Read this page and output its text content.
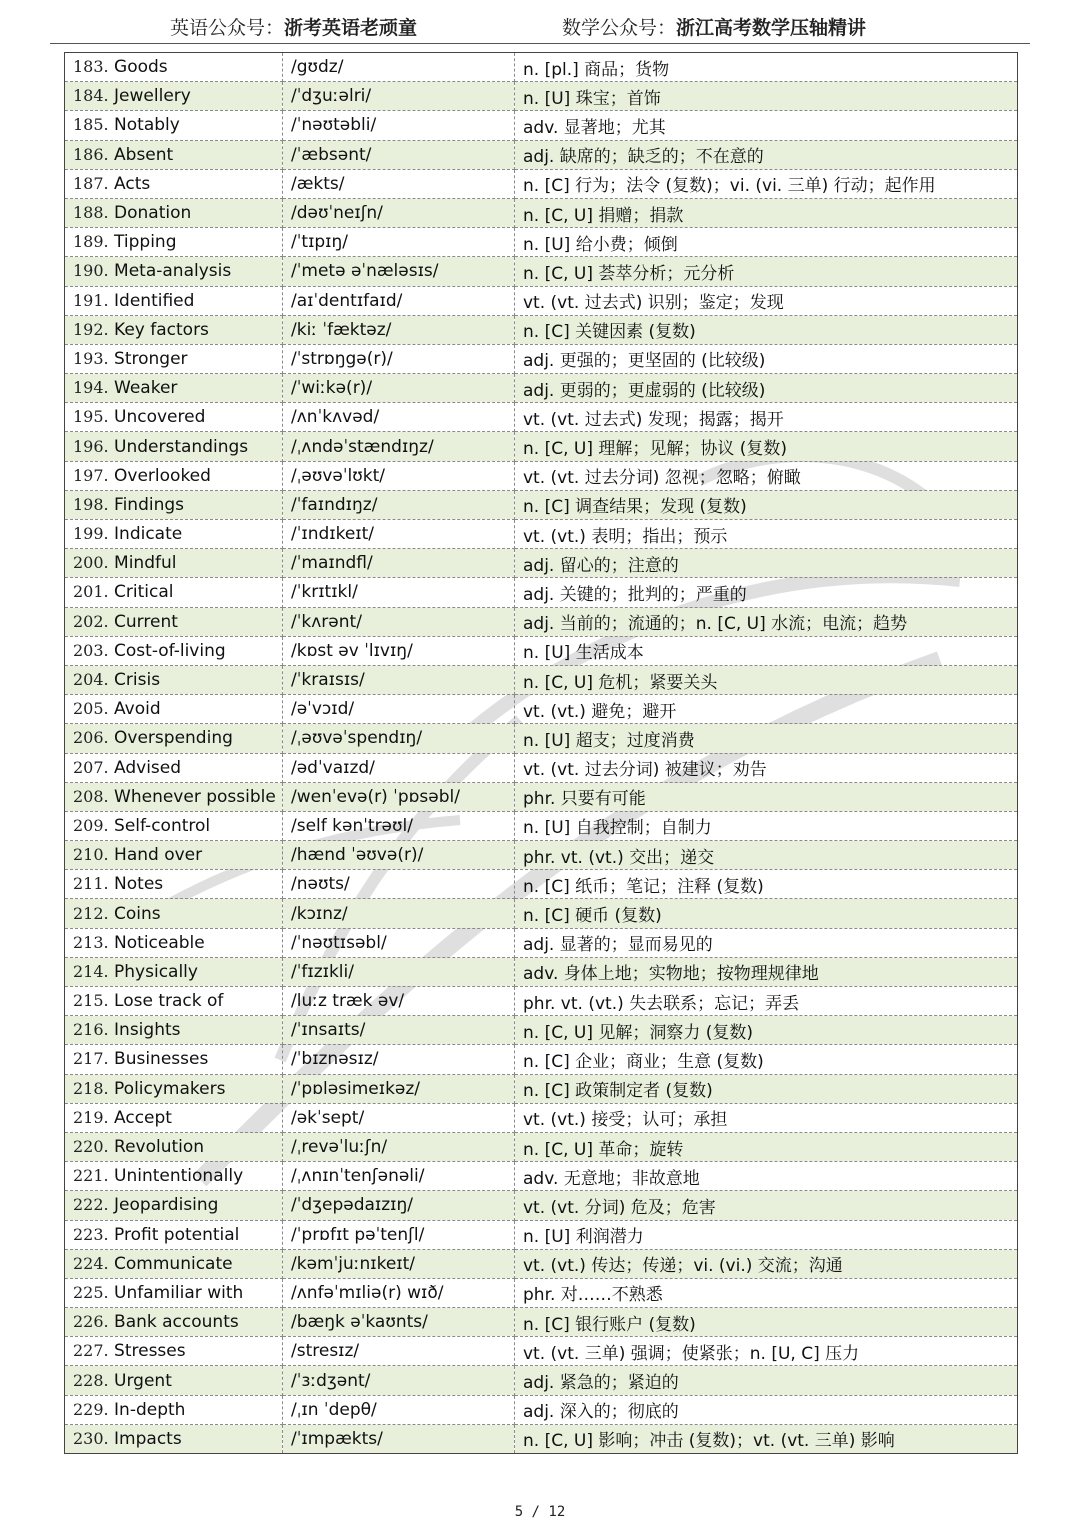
英语公众号：浙考英语老顽童	数学公众号：浙江高考数学压轴精讲
183. Goods	/gʊdz/	n. [pl.] 商品；货物
184. Jewellery	/ˈdʒuːəlri/	n. [U] 珠宝；首饰
185. Notably	/ˈnəʊtəbli/	adv. 显著地；尤其
186. Absent	/ˈæbsənt/	adj. 缺席的；缺乏的；不在意的
187. Acts	/ækts/	n. [C] 行为；法令 (复数)；vi. (vi. 三单) 行动；起作用
188. Donation	/dəʊˈneɪʃn/	n. [C, U] 捐赠；捐款
189. Tipping	/ˈtɪpɪŋ/	n. [U] 给小费；倾倒
190. Meta-analysis	/ˈmetə əˈnæləsɪs/	n. [C, U] 荟萃分析；元分析
191. Identified	/aɪˈdentɪfaɪd/	vt. (vt. 过去式) 识别；鉴定；发现
192. Key factors	/kiː ˈfæktəz/	n. [C] 关键因素 (复数)
193. Stronger	/ˈstrɒŋgə(r)/	adj. 更强的；更坚固的 (比较级)
194. Weaker	/ˈwiːkə(r)/	adj. 更弱的；更虚弱的 (比较级)
195. Uncovered	/ʌnˈkʌvəd/	vt. (vt. 过去式) 发现；揭露；揭开
196. Understandings	/ˌʌndəˈstændɪŋz/	n. [C, U] 理解；见解；协议 (复数)
197. Overlooked	/ˌəʊvəˈlʊkt/	vt. (vt. 过去分词) 忽视；忽略；俯瞰
198. Findings	/ˈfaɪndɪŋz/	n. [C] 调查结果；发现 (复数)
199. Indicate	/ˈɪndɪkeɪt/	vt. (vt.) 表明；指出；预示
200. Mindful	/ˈmaɪndfl/	adj. 留心的；注意的
201. Critical	/ˈkrɪtɪkl/	adj. 关键的；批判的；严重的
202. Current	/ˈkʌrənt/	adj. 当前的；流通的；n. [C, U] 水流；电流；趋势
203. Cost-of-living	/kɒst əv ˈlɪvɪŋ/	n. [U] 生活成本
204. Crisis	/ˈkraɪsɪs/	n. [C, U] 危机；紧要关头
205. Avoid	/əˈvɔɪd/	vt. (vt.) 避免；避开
206. Overspending	/ˌəʊvəˈspendɪŋ/	n. [U] 超支；过度消费
207. Advised	/ədˈvaɪzd/	vt. (vt. 过去分词) 被建议；劝告
208. Whenever possible	/wenˈevə(r) ˈpɒsəbl/	phr. 只要有可能
209. Self-control	/self kənˈtrəʊl/	n. [U] 自我控制；自制力
210. Hand over	/hænd ˈəʊvə(r)/	phr. vt. (vt.) 交出；递交
211. Notes	/nəʊts/	n. [C] 纸币；笔记；注释 (复数)
212. Coins	/kɔɪnz/	n. [C] 硬币 (复数)
213. Noticeable	/ˈnəʊtɪsəbl/	adj. 显著的；显而易见的
214. Physically	/ˈfɪzɪkli/	adv. 身体上地；实物地；按物理规律地
215. Lose track of	/luːz træk əv/	phr. vt. (vt.) 失去联系；忘记；弄丢
216. Insights	/ˈɪnsaɪts/	n. [C, U] 见解；洞察力 (复数)
217. Businesses	/ˈbɪznəsɪz/	n. [C] 企业；商业；生意 (复数)
218. Policymakers	/ˈpɒləsimeɪkəz/	n. [C] 政策制定者 (复数)
219. Accept	/əkˈsept/	vt. (vt.) 接受；认可；承担
220. Revolution	/ˌrevəˈluːʃn/	n. [C, U] 革命；旋转
221. Unintentionally	/ˌʌnɪnˈtenʃənəli/	adv. 无意地；非故意地
222. Jeopardising	/ˈdʒepədaɪzɪŋ/	vt. (vt. 分词) 危及；危害
223. Profit potential	/ˈprɒfɪt pəˈtenʃl/	n. [U] 利润潜力
224. Communicate	/kəmˈjuːnɪkeɪt/	vt. (vt.) 传达；传递；vi. (vi.) 交流；沟通
225. Unfamiliar with	/ʌnfəˈmɪliə(r) wɪð/	phr. 对……不熟悉
226. Bank accounts	/bæŋk əˈkaʊnts/	n. [C] 银行账户 (复数)
227. Stresses	/stresɪz/	vt. (vt. 三单) 强调；使紧张；n. [U, C] 压力
228. Urgent	/ˈɜːdʒənt/	adj. 紧急的；紧迫的
229. In-depth	/ˌɪn ˈdepθ/	adj. 深入的；彻底的
230. Impacts	/ˈɪmpækts/	n. [C, U] 影响；冲击 (复数)；vt. (vt. 三单) 影响
5 / 12
